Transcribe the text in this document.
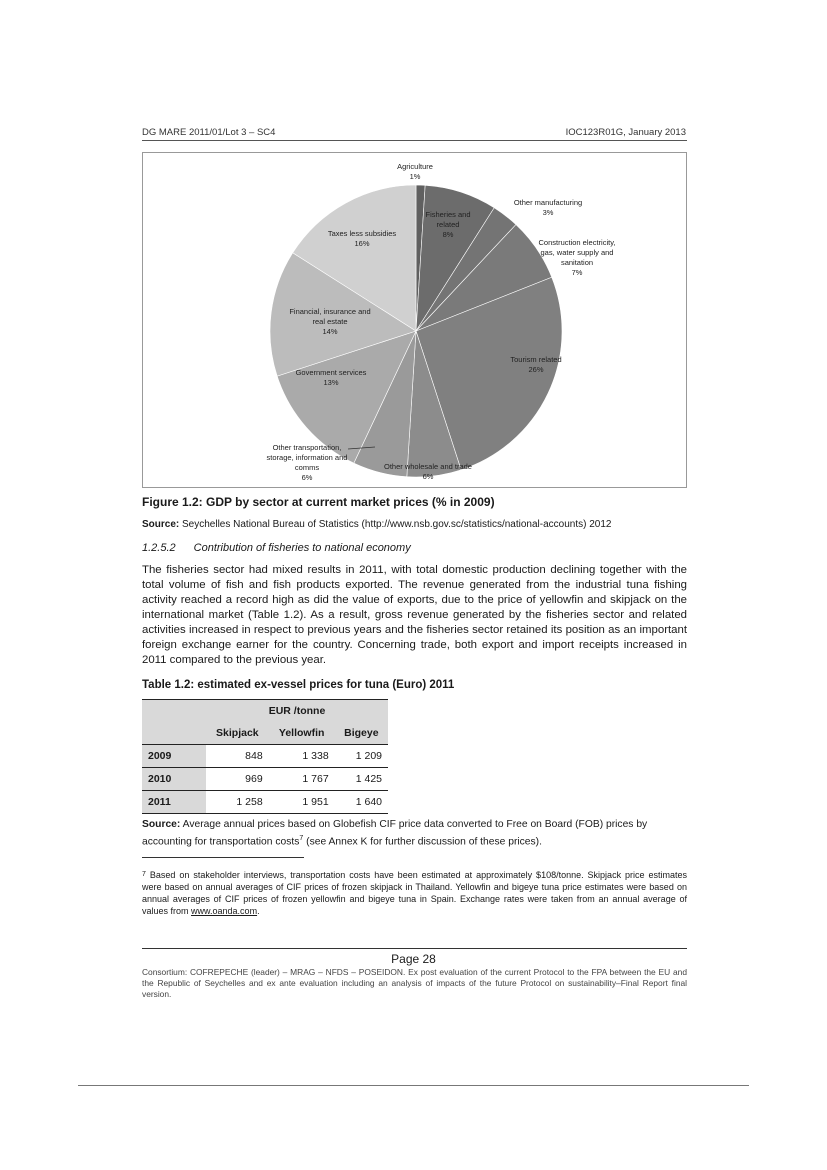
DG MARE 2011/01/Lot 3 – SC4	IOC123R01G, January 2013
Agriculture 1%
Fisheries and related 8%
Other manufacturing 3%
Construction electricity, gas, water supply and sanitation 7%
Tourism related 26%
Other wholesale and trade 6%
Other transportation, storage, information and comms 6%
Government services 13%
Financial, insurance and real estate 14%
Taxes less subsidies 16%
Figure 1.2: GDP by sector at current market prices (% in 2009)
Source: Seychelles National Bureau of Statistics (http://www.nsb.gov.sc/statistics/national-accounts) 2012
1.2.5.2 Contribution of fisheries to national economy
The fisheries sector had mixed results in 2011, with total domestic production declining together with the total volume of fish and fish products exported. The revenue generated from the industrial tuna fishing activity reached a record high as did the value of exports, due to the price of yellowfin and skipjack on the international market (Table 1.2). As a result, gross revenue generated by the fisheries sector and related activities increased in respect to previous years and the fisheries sector retained its position as an important foreign exchange earner for the country. Concerning trade, both export and import receipts increased in 2011 compared to the previous year.
Table 1.2: estimated ex-vessel prices for tuna (Euro) 2011
	EUR /tonne		
	Skipjack	Yellowfin	Bigeye
2009	848	1 338	1 209
2010	969	1 767	1 425
2011	1 258	1 951	1 640
Source: Average annual prices based on Globefish CIF price data converted to Free on Board (FOB) prices by accounting for transportation costs$^7$ (see Annex K for further discussion of these prices).
$^7$ Based on stakeholder interviews, transportation costs have been estimated at approximately $108/tonne. Skipjack price estimates were based on annual averages of CIF prices of frozen skipjack in Thailand. Yellowfin and bigeye tuna price estimates were based on annual averages of CIF prices of frozen yellowfin and bigeye tuna in Spain. Exchange rates were taken from an annual average of values from www.oanda.com.
Page 28
Consortium: COFREPECHE (leader) – MRAG – NFDS – POSEIDON. Ex post evaluation of the current Protocol to the FPA between the EU and the Republic of Seychelles and ex ante evaluation including an analysis of impacts of the future Protocol on sustainability–Final Report final version.
